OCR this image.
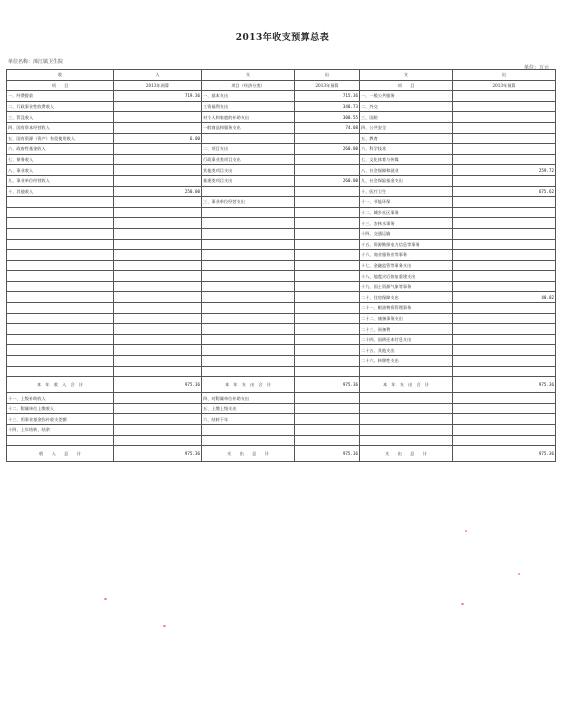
2013年收支预算总表
单位名称：漳江镇卫生院
单位：万元
收	入	支	出	支	出
项　　目	2013年预算	项目（经济分类）	2013年预算	项　　目	2013年预算
一、经费拨款	719.36	一、基本支出	715.36	一、一般公共服务	
二、行政事业性收费收入		工资福利支出	340.73	二、外交	
三、罚没收入		对个人和家庭的补助支出	300.55	三、国防	
四、国有资本经营收入		一般商品和服务支出	74.08	四、公共安全	
五、国有资源（资产）有偿使用收入	6.00			五、教育	
六、政府性基金收入		二、项目支出	260.00	六、科学技术	
七、债务收入		行政事业类项目支出		七、文化体育与传媒	
八、事业收入		其他类项目支出		八、社会保障和就业	259.72
九、事业单位经营收入		基建类项目支出	260.00	九、社会保险基金支出	
十、其他收入	250.00			十、医疗卫生	675.62
		三、事业单位经营支出		十一、节能环保	
				十二、城乡社区事务	
				十三、农林水事务	
				十四、交通运输	
				十五、资源勘探电力信息等事务	
				十六、商业服务业等事务	
				十七、金融监管等事务支出	
				十八、地震灾后恢复重建支出	
				十九、国土资源气象等事务	
				二十、住房保障支出	40.02
				二十一、粮油物资管理事务	
				二十二、储备事务支出	
				二十三、预备费	
				二十四、国债还本付息支出	
				二十五、其他支出	
				二十六、转移性支出	

本　年　收　入　合　计	975.36	本　年　支　出　合　计	975.36	本　年　支　出　合　计	975.36
十一、上级补助收入		四、对附属单位补助支出			
十二、附属单位上缴收入		五、上缴上级支出			
十三、用事业基金弥补收支差额		六、结转下年			
十四、上年结转、结余					

收　　入　　总　　计	975.36	支　　出　　总　　计	975.36	支　　出　　总　　计	975.36
